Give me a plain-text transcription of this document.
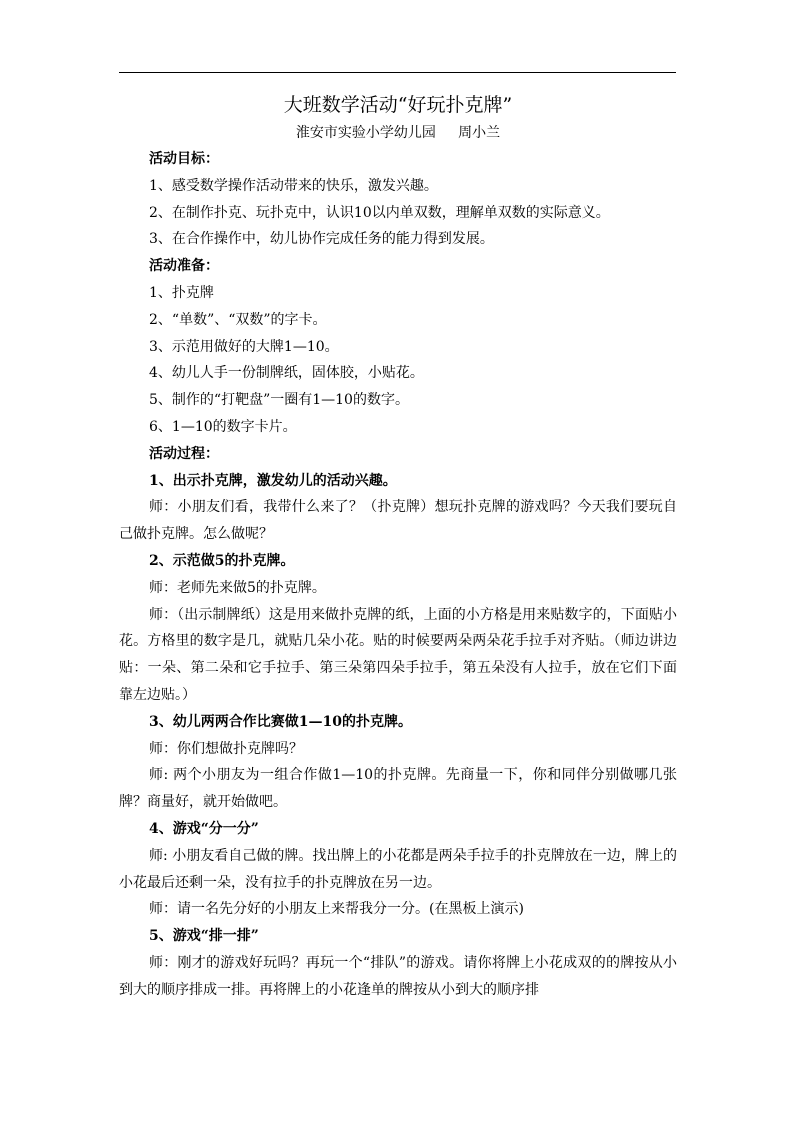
大班数学活动“好玩扑克牌”

淮安市实验小学幼儿园     周小兰

活动目标：

1、感受数学操作活动带来的快乐，激发兴趣。

2、在制作扑克、玩扑克中，认识10以内单双数，理解单双数的实际意义。

3、在合作操作中，幼儿协作完成任务的能力得到发展。

活动准备：

1、扑克牌

2、“单数”、“双数”的字卡。

3、示范用做好的大牌1—10。

4、幼儿人手一份制牌纸，固体胶，小贴花。

5、制作的“打靶盘”一圈有1—10的数字。

6、1—10的数字卡片。

活动过程：

1、出示扑克牌，激发幼儿的活动兴趣。

师：小朋友们看，我带什么来了？（扑克牌）想玩扑克牌的游戏吗？今天我们要玩自己做扑克牌。怎么做呢？

2、示范做5的扑克牌。

师：老师先来做5的扑克牌。

师：（出示制牌纸）这是用来做扑克牌的纸，上面的小方格是用来贴数字的，下面贴小花。方格里的数字是几，就贴几朵小花。贴的时候要两朵两朵花手拉手对齐贴。（师边讲边贴：一朵、第二朵和它手拉手、第三朵第四朵手拉手，第五朵没有人拉手，放在它们下面靠左边贴。）

3、幼儿两两合作比赛做1—10的扑克牌。

师：你们想做扑克牌吗？

师: 两个小朋友为一组合作做1—10的扑克牌。先商量一下，你和同伴分别做哪几张牌？商量好，就开始做吧。

4、游戏“分一分”

师: 小朋友看自己做的牌。找出牌上的小花都是两朵手拉手的扑克牌放在一边，牌上的小花最后还剩一朵，没有拉手的扑克牌放在另一边。

师：请一名先分好的小朋友上来帮我分一分。(在黑板上演示)

5、游戏“排一排”

师：刚才的游戏好玩吗？再玩一个“排队”的游戏。请你将牌上小花成双的的牌按从小到大的顺序排成一排。再将牌上的小花逢单的牌按从小到大的顺序排
